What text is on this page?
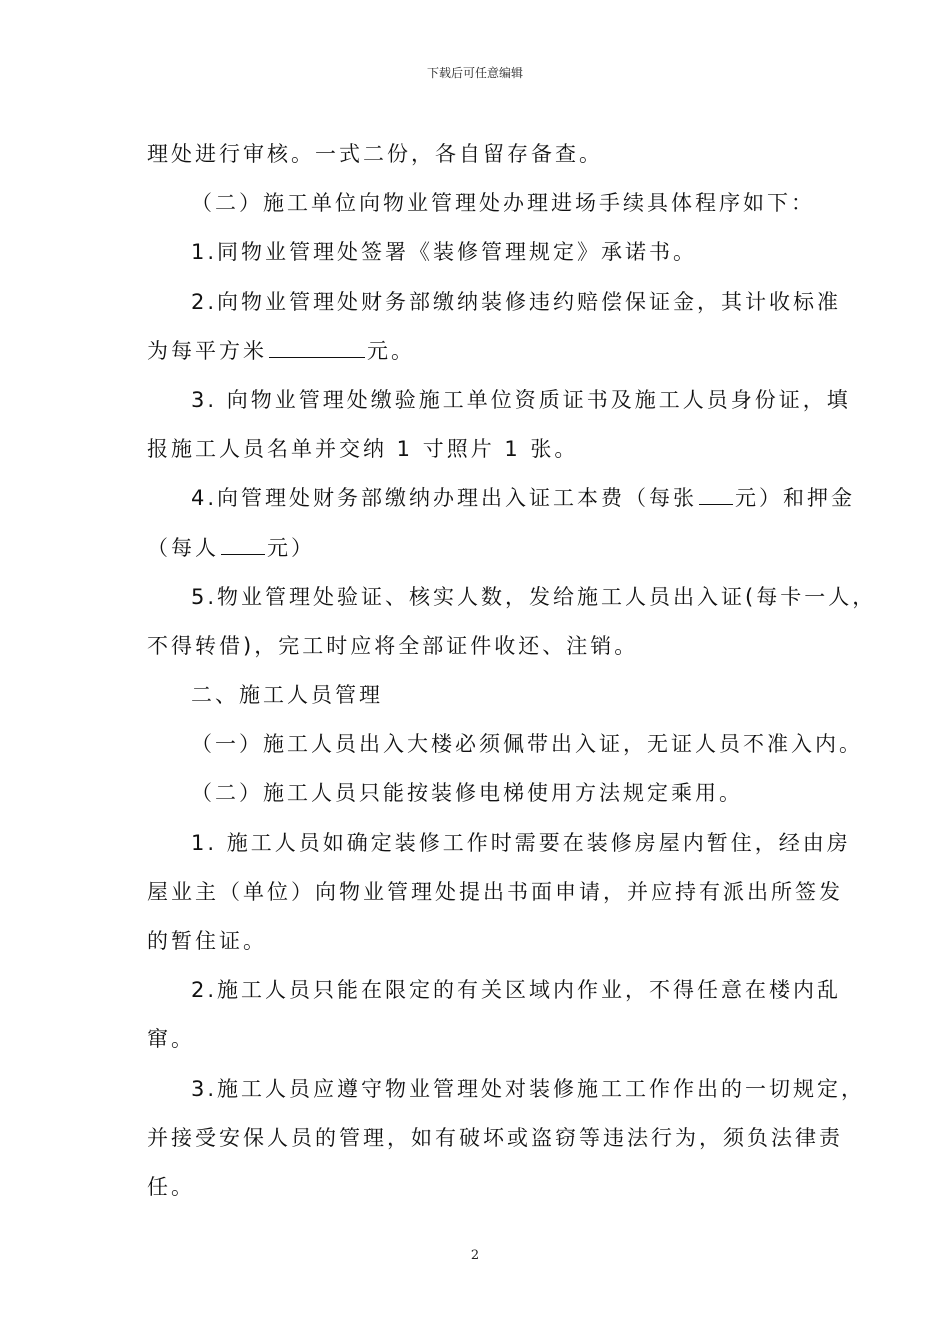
下载后可任意编辑
理处进行审核。一式二份，各自留存备查。
（二）施工单位向物业管理处办理进场手续具体程序如下：
1.同物业管理处签署《装修管理规定》承诺书。
2.向物业管理处财务部缴纳装修违约赔偿保证金，其计收标准
为每平方米	元。
3. 向物业管理处缴验施工单位资质证书及施工人员身份证，填
报施工人员名单并交纳 1 寸照片 1 张。
4.向管理处财务部缴纳办理出入证工本费（每张 元）和押金
（每人 元）
5.物业管理处验证、核实人数，发给施工人员出入证(每卡一人，
不得转借)，完工时应将全部证件收还、注销。
二、施工人员管理
（一）施工人员出入大楼必须佩带出入证，无证人员不准入内。
（二）施工人员只能按装修电梯使用方法规定乘用。
1. 施工人员如确定装修工作时需要在装修房屋内暂住，经由房
屋业主（单位）向物业管理处提出书面申请，并应持有派出所签发
的暂住证。
2.施工人员只能在限定的有关区域内作业，不得任意在楼内乱
窜。
3.施工人员应遵守物业管理处对装修施工工作作出的一切规定，
并接受安保人员的管理，如有破坏或盗窃等违法行为，须负法律责
任。
2
